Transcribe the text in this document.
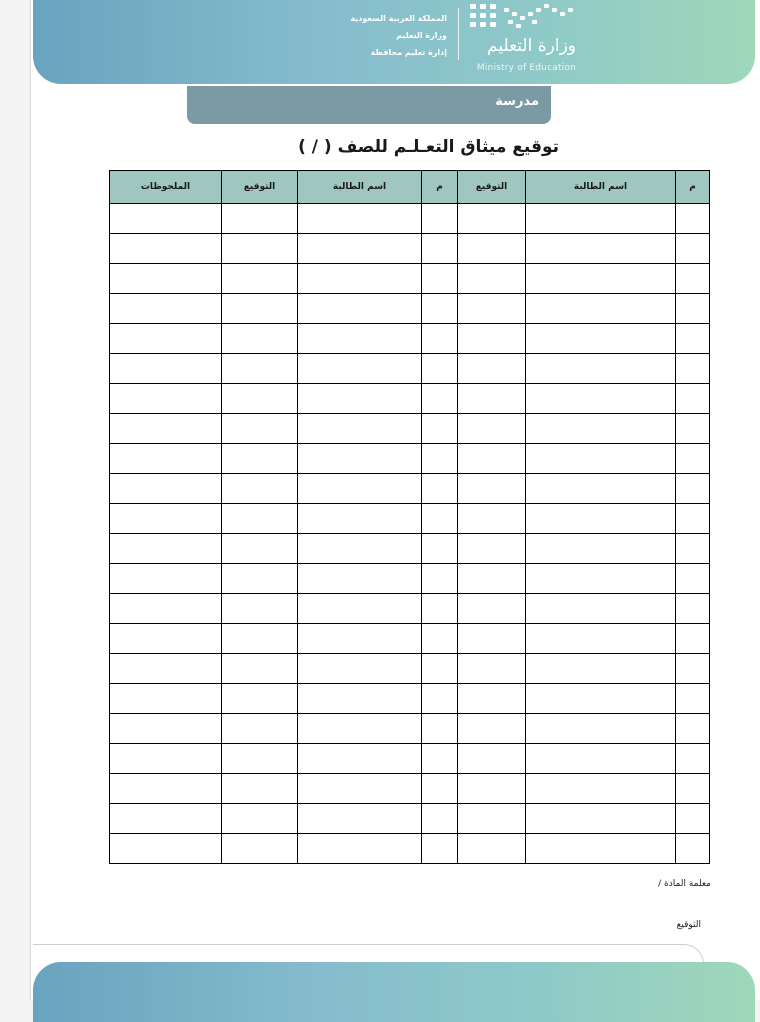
وزارة التعليم
Ministry of Education
المملكة العربية السعودية
وزارة التعليم
إدارة تعليم محافظة
مدرسة
توقيع ميثاق التعـلـم للصف ( / )
م	اسم الطالبة	التوقيع	م	اسم الطالبة	التوقيع	الملحوظات

معلمة المادة /
التوقيع
